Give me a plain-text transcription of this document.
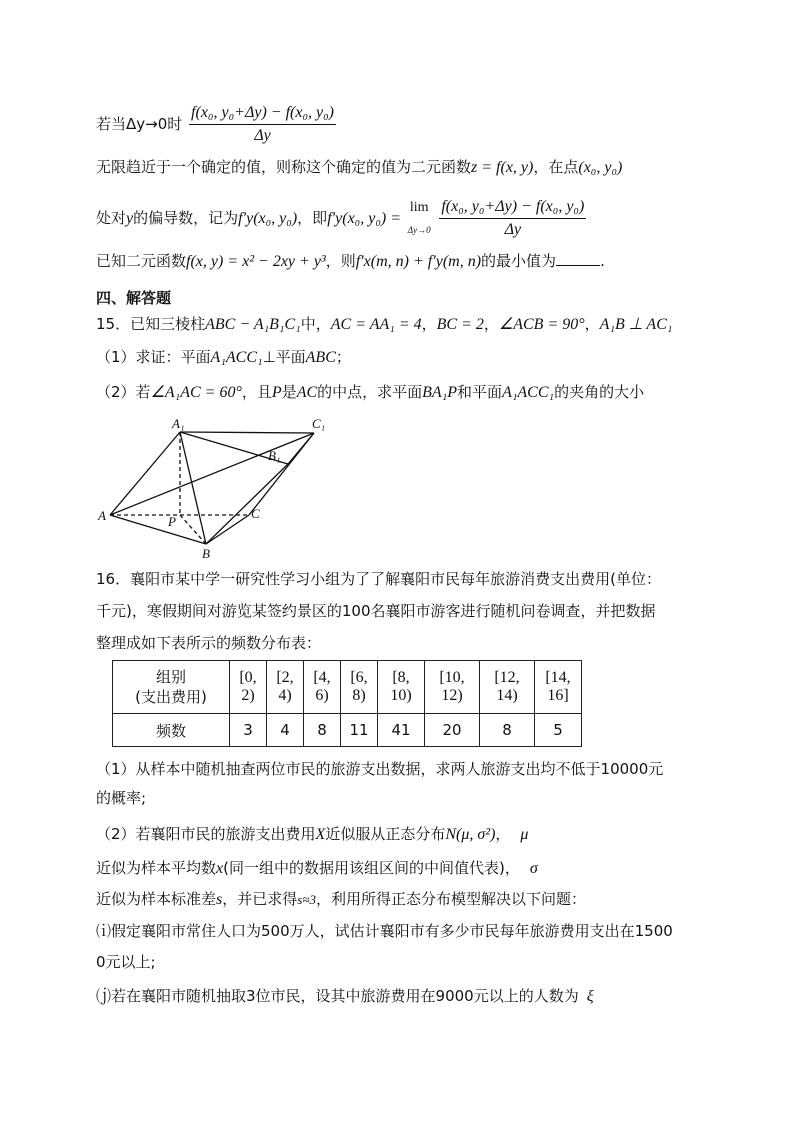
若当Δy→0时 $\frac{\text{f(x₀, y₀+Δy) − f(x₀, y₀)}}{\Delta y}$
无限趋近于一个确定的值，则称这个确定的值为二元函数z = f(x, y)，在点(x₀, y₀)
处对y的偏导数，记为f′y(x₀, y₀)，即f′y(x₀, y₀) =
lim
Δy→0
$\frac{\text{f(x₀, y₀+Δy) − f(x₀, y₀)}}{\Delta y}$
已知二元函数f(x, y) = x² − 2xy + y³，则f′x(m, n) + f′y(m, n)的最小值为	.
四、解答题
15．已知三棱柱ABC − A₁B₁C₁中，AC = AA₁ = 4，BC = 2，∠ACB = 90°，A₁B ⊥ AC₁
（1）求证：平面A₁ACC₁⊥平面ABC；
（2）若∠A₁AC = 60°，且P是AC的中点，求平面BA₁P和平面A₁ACC₁的夹角的大小
A₁	C₁
B₁
A	P
C
B
16．襄阳市某中学一研究性学习小组为了了解襄阳市民每年旅游消费支出费用(单位：
千元)，寒假期间对游览某签约景区的100名襄阳市游客进行随机问卷调查，并把数据
整理成如下表所示的频数分布表：
组别
(支出费用)	[0, 2)	[2, 4)	[4, 6)	[6, 8)	[8, 10)	[10, 12)	[12, 14)	[14, 16]
频数	3	4	8	11	41	20	8	5
（1）从样本中随机抽查两位市民的旅游支出数据，求两人旅游支出均不低于10000元
的概率;
（2）若襄阳市民的旅游支出费用X近似服从正态分布N(μ, σ²)， μ
近似为样本平均数x(同一组中的数据用该组区间的中间值代表)， σ
近似为样本标准差s，并已求得s≈3，利用所得正态分布模型解决以下问题：
⒤假定襄阳市常住人口为500万人，试估计襄阳市有多少市民每年旅游费用支出在1500
0元以上;
⒥若在襄阳市随机抽取3位市民，设其中旅游费用在9000元以上的人数为 ξ
